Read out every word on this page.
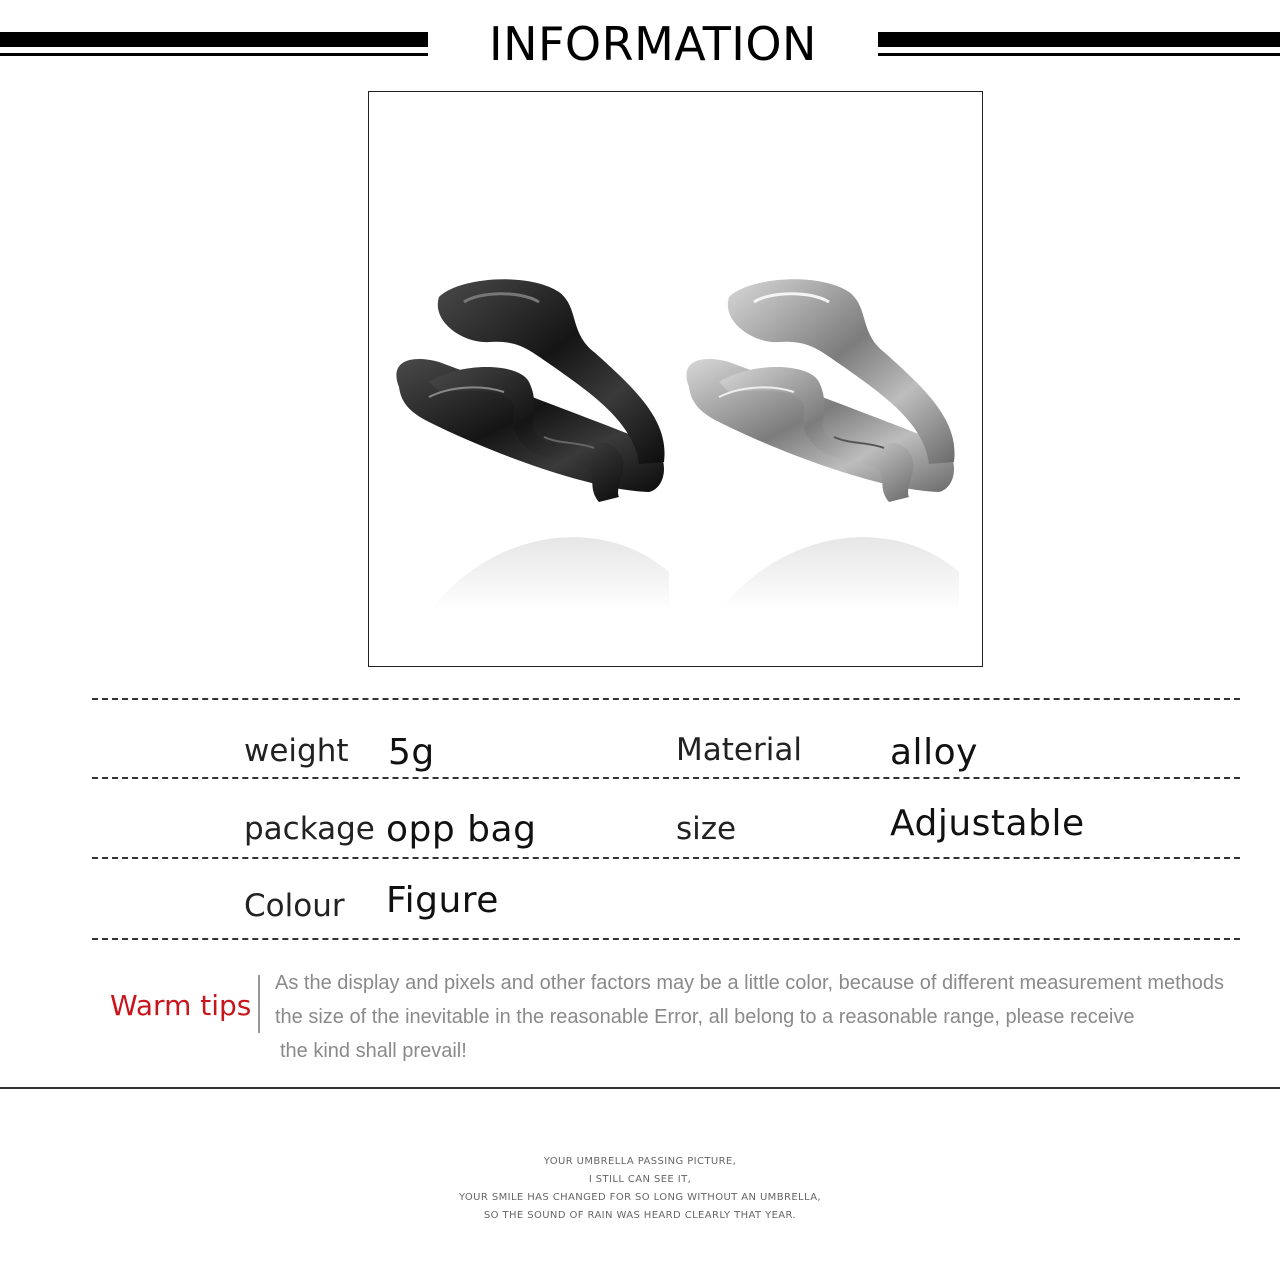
INFORMATION
weight 5g	Material alloy
package opp bag	size	Adjustable
Colour Figure
Warm tips
As the display and pixels and other factors may be a little color, because of different measurement methods
the size of the inevitable in the reasonable Error, all belong to a reasonable range, please receive
the kind shall prevail!
YOUR UMBRELLA PASSING PICTURE,
I STILL CAN SEE IT,
YOUR SMILE HAS CHANGED FOR SO LONG WITHOUT AN UMBRELLA,
SO THE SOUND OF RAIN WAS HEARD CLEARLY THAT YEAR.
